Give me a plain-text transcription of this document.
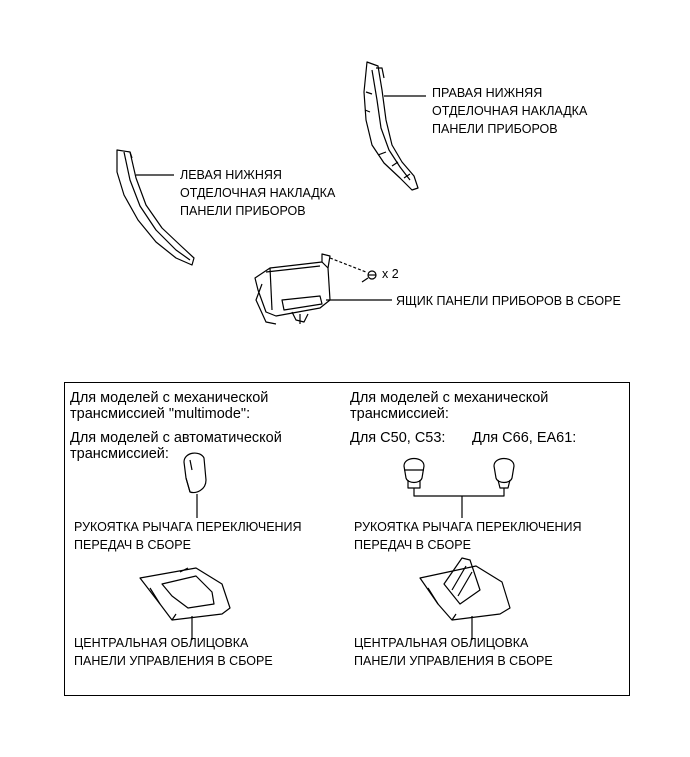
ПРАВАЯ НИЖНЯЯ
ОТДЕЛОЧНАЯ НАКЛАДКА
ПАНЕЛИ ПРИБОРОВ
ЛЕВАЯ НИЖНЯЯ
ОТДЕЛОЧНАЯ НАКЛАДКА
ПАНЕЛИ ПРИБОРОВ
x 2
ЯЩИК ПАНЕЛИ ПРИБОРОВ В СБОРЕ
Для моделей с механической
трансмиссией "multimode":
Для моделей с автоматической
трансмиссией:
РУКОЯТКА РЫЧАГА ПЕРЕКЛЮЧЕНИЯ
ПЕРЕДАЧ В СБОРЕ
ЦЕНТРАЛЬНАЯ ОБЛИЦОВКА
ПАНЕЛИ УПРАВЛЕНИЯ В СБОРЕ
Для моделей с механической
трансмиссией:
Для C50, C53: Для C66, EA61:
РУКОЯТКА РЫЧАГА ПЕРЕКЛЮЧЕНИЯ
ПЕРЕДАЧ В СБОРЕ
ЦЕНТРАЛЬНАЯ ОБЛИЦОВКА
ПАНЕЛИ УПРАВЛЕНИЯ В СБОРЕ
